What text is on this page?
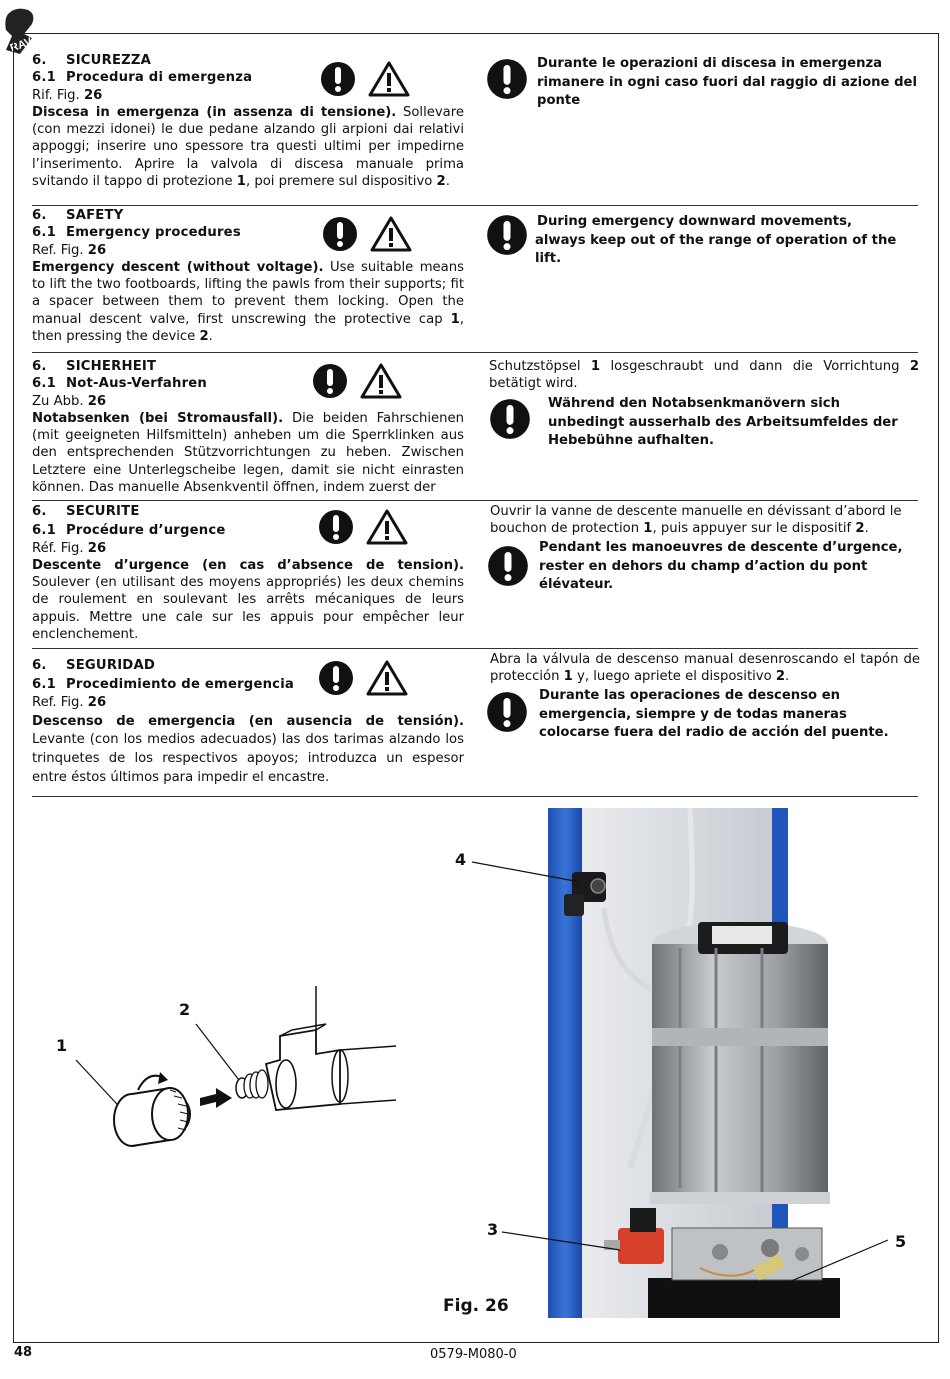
RAV
6. SICUREZZA
6.1 Procedura di emergenza
Rif. Fig. 26
Discesa in emergenza (in assenza di tensione). Sollevare (con mezzi idonei) le due pedane alzando gli arpioni dai relativi appoggi; inserire uno spessore tra questi ultimi per impedirne l’inserimento. Aprire la valvola di discesa manuale prima svitando il tappo di protezione 1, poi premere sul dispositivo 2.
Durante le operazioni di discesa in emergenza rimanere in ogni caso fuori dal raggio di azione del ponte
6. SAFETY
6.1 Emergency procedures
Ref. Fig. 26
Emergency descent (without voltage). Use suitable means to lift the two footboards, lifting the pawls from their supports; fit a spacer between them to prevent them locking. Open the manual descent valve, first unscrewing the protective cap 1, then pressing the device 2.
During emergency downward movements,
always keep out of the range of operation of the lift.
6. SICHERHEIT
6.1 Not-Aus-Verfahren
Zu Abb. 26
Notabsenken (bei Stromausfall). Die beiden Fahrschienen (mit geeigneten Hilfsmitteln) anheben um die Sperrklinken aus den entsprechenden Stützvorrichtungen zu heben. Zwischen Letztere eine Unterlegscheibe legen, damit sie nicht einrasten können. Das manuelle Absenkventil öffnen, indem zuerst der
Schutzstöpsel 1 losgeschraubt und dann die Vorrichtung 2 betätigt wird.
Während den Notabsenkmanövern sich unbedingt ausserhalb des Arbeitsumfeldes der Hebebühne aufhalten.
6. SECURITE
6.1 Procédure d’urgence
Réf. Fig. 26
Descente d’urgence (en cas d’absence de tension). Soulever (en utilisant des moyens appropriés) les deux chemins de roulement en soulevant les arrêts mécaniques de leurs appuis. Mettre une cale sur les appuis pour empêcher leur enclenchement.
Ouvrir la vanne de descente manuelle en dévissant d’abord le bouchon de protection 1, puis appuyer sur le dispositif 2.
Pendant les manoeuvres de descente d’urgence, rester en dehors du champ d’action du pont élévateur.
6. SEGURIDAD
6.1 Procedimiento de emergencia
Ref. Fig. 26
Descenso de emergencia (en ausencia de tensión). Levante (con los medios adecuados) las dos tarimas alzando los trinquetes de los respectivos apoyos; introduzca un espesor entre éstos últimos para impedir el encastre.
Abra la válvula de descenso manual desenroscando el tapón de protección 1 y, luego apriete el dispositivo 2.
Durante las operaciones de descenso en emergencia, siempre y de todas maneras colocarse fuera del radio de acción del puente.
1
2
4
3
5
Fig. 26
48	0579-M080-0
